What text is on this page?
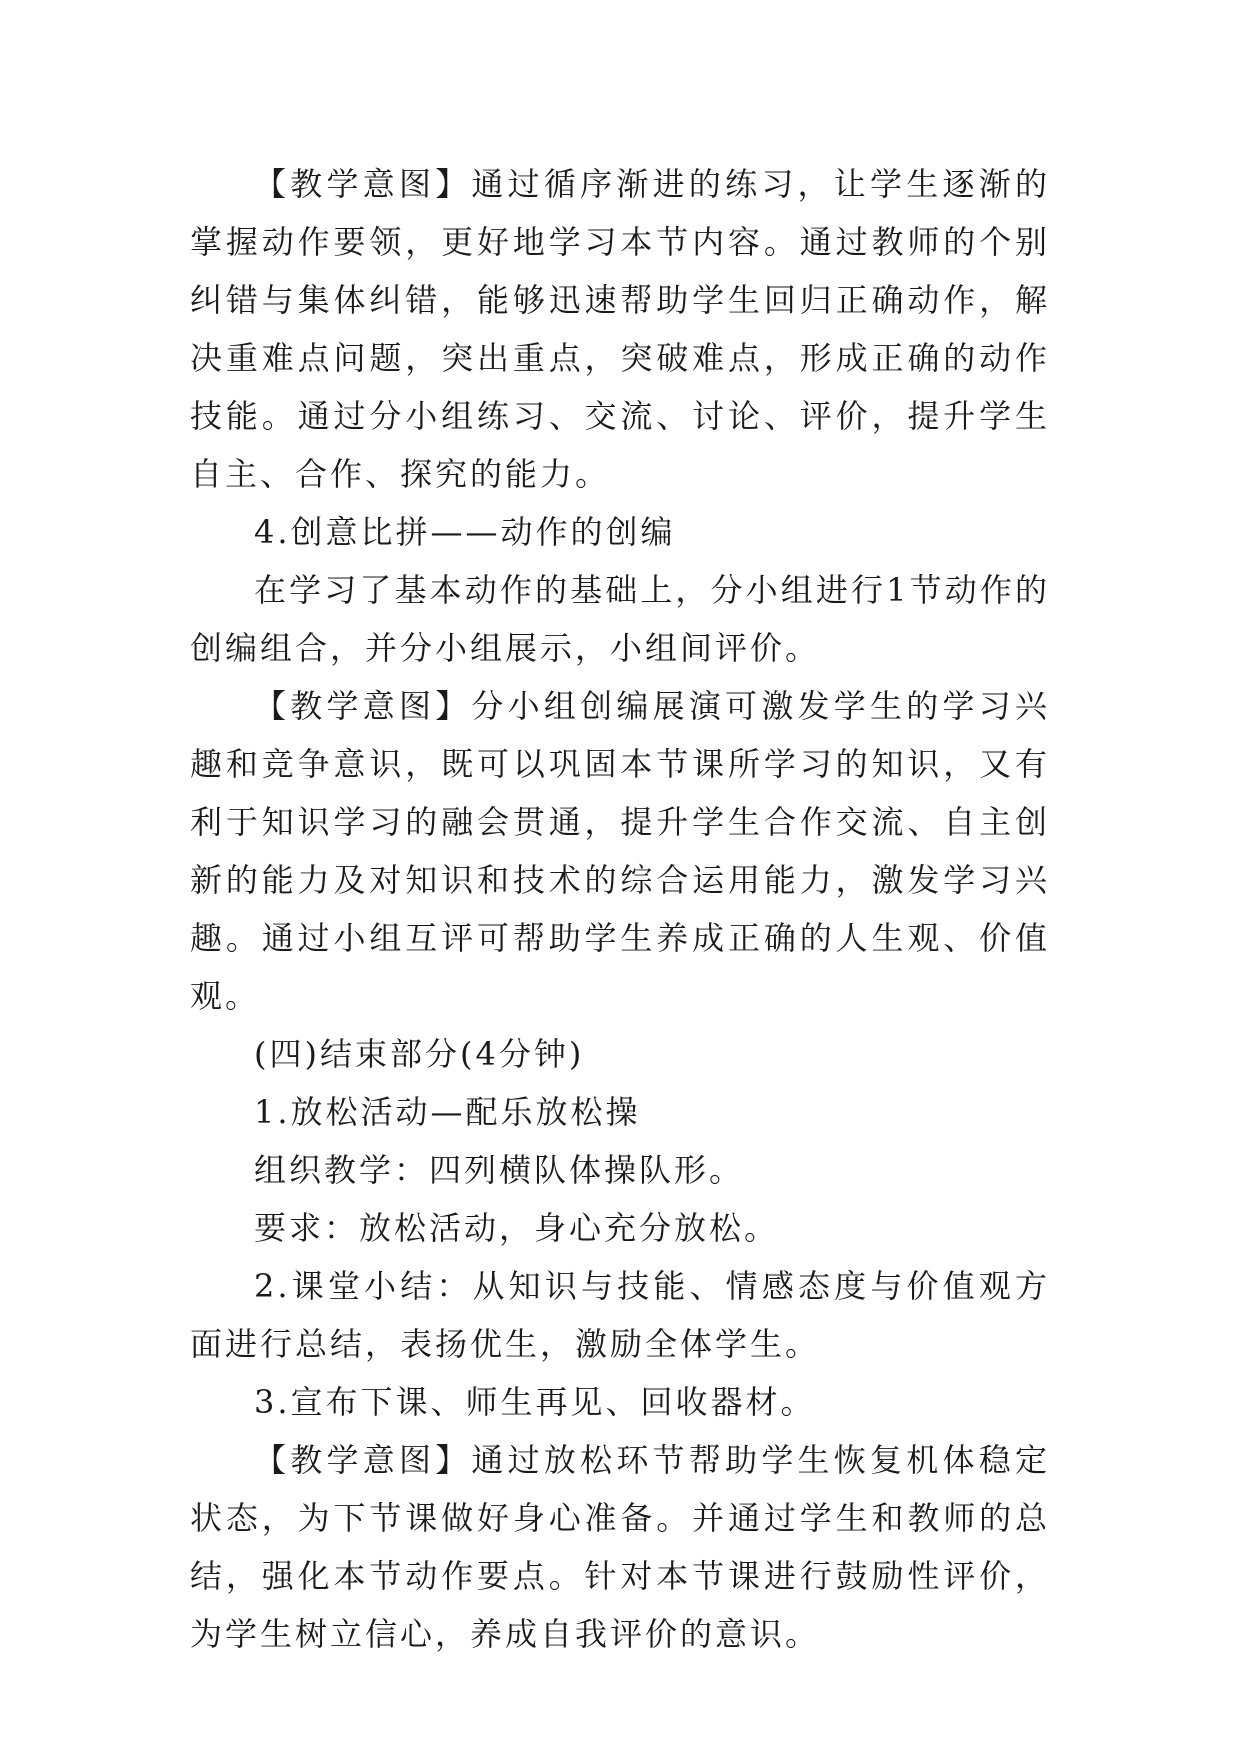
【教学意图】通过循序渐进的练习，让学生逐渐的掌握动作要领，更好地学习本节内容。通过教师的个别纠错与集体纠错，能够迅速帮助学生回归正确动作，解决重难点问题，突出重点，突破难点，形成正确的动作技能。通过分小组练习、交流、讨论、评价，提升学生自主、合作、探究的能力。

4.创意比拼——动作的创编

在学习了基本动作的基础上，分小组进行1节动作的创编组合，并分小组展示，小组间评价。

【教学意图】分小组创编展演可激发学生的学习兴趣和竞争意识，既可以巩固本节课所学习的知识，又有利于知识学习的融会贯通，提升学生合作交流、自主创新的能力及对知识和技术的综合运用能力，激发学习兴趣。通过小组互评可帮助学生养成正确的人生观、价值观。

(四)结束部分(4分钟)

1.放松活动—配乐放松操

组织教学：四列横队体操队形。

要求：放松活动，身心充分放松。

2.课堂小结：从知识与技能、情感态度与价值观方面进行总结，表扬优生，激励全体学生。

3.宣布下课、师生再见、回收器材。

【教学意图】通过放松环节帮助学生恢复机体稳定状态，为下节课做好身心准备。并通过学生和教师的总结，强化本节动作要点。针对本节课进行鼓励性评价，为学生树立信心，养成自我评价的意识。
